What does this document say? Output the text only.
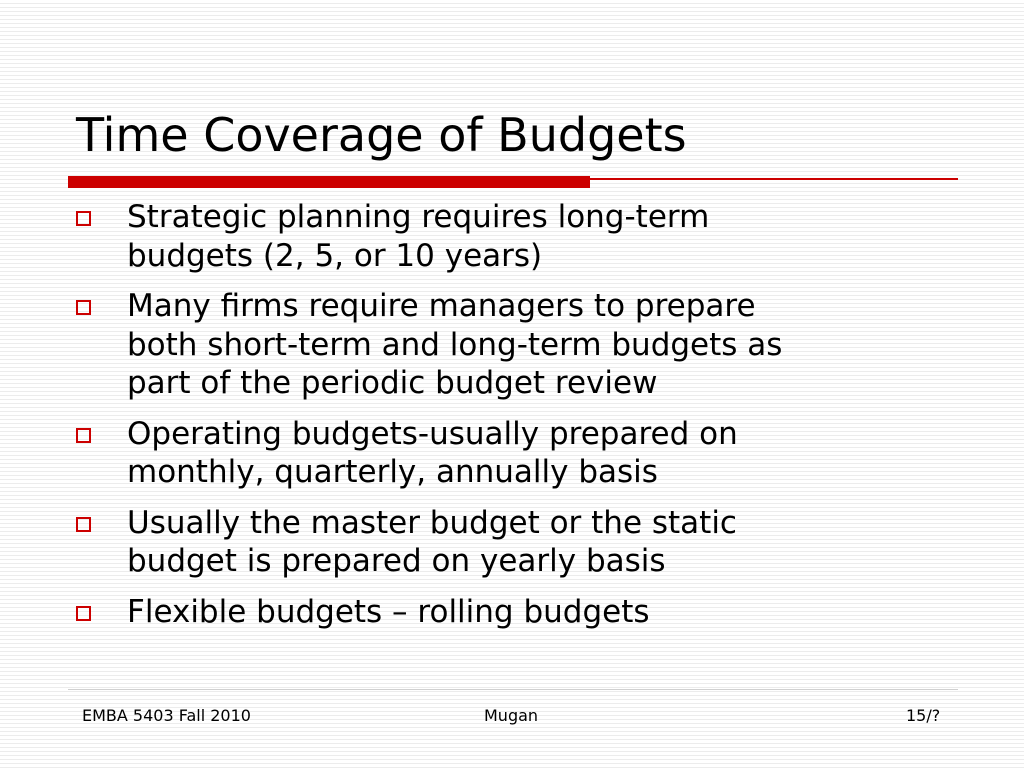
Time Coverage of Budgets
Strategic planning requires long-term
budgets (2, 5, or 10 years)
Many firms require managers to prepare
both short-term and long-term budgets as
part of the periodic budget review
Operating budgets-usually prepared on
monthly, quarterly, annually basis
Usually the master budget or the static
budget is prepared on yearly basis
Flexible budgets – rolling budgets
EMBA 5403 Fall 2010	Mugan	15/?
